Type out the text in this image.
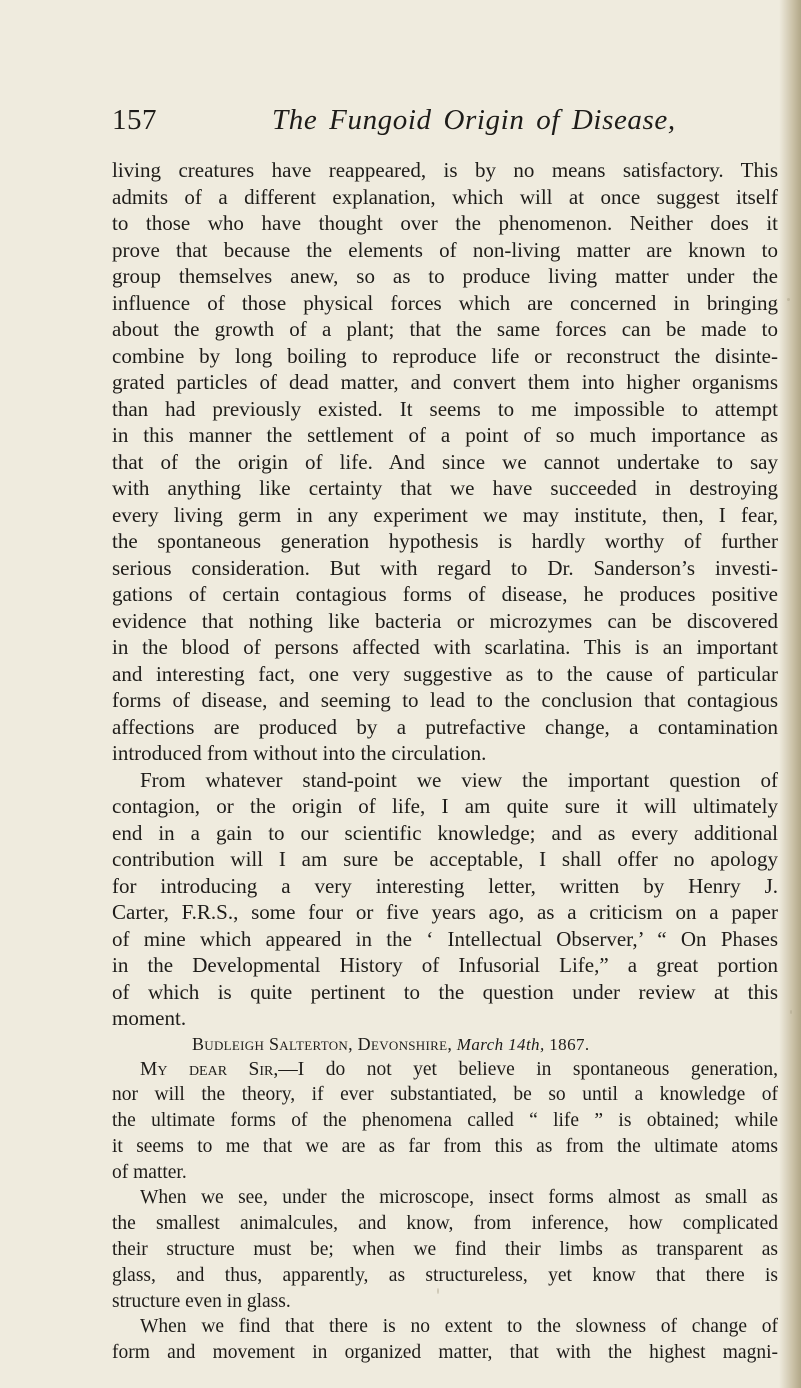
157	The Fungoid Origin of Disease,
living creatures have reappeared, is by no means satisfactory. This
admits of a different explanation, which will at once suggest itself
to those who have thought over the phenomenon. Neither does it
prove that because the elements of non-living matter are known to
group themselves anew, so as to produce living matter under the
influence of those physical forces which are concerned in bringing
about the growth of a plant; that the same forces can be made to
combine by long boiling to reproduce life or reconstruct the disinte-
grated particles of dead matter, and convert them into higher organisms
than had previously existed. It seems to me impossible to attempt
in this manner the settlement of a point of so much importance as
that of the origin of life. And since we cannot undertake to say
with anything like certainty that we have succeeded in destroying
every living germ in any experiment we may institute, then, I fear,
the spontaneous generation hypothesis is hardly worthy of further
serious consideration. But with regard to Dr. Sanderson’s investi-
gations of certain contagious forms of disease, he produces positive
evidence that nothing like bacteria or microzymes can be discovered
in the blood of persons affected with scarlatina. This is an important
and interesting fact, one very suggestive as to the cause of particular
forms of disease, and seeming to lead to the conclusion that contagious
affections are produced by a putrefactive change, a contamination
introduced from without into the circulation.
From whatever stand-point we view the important question of
contagion, or the origin of life, I am quite sure it will ultimately
end in a gain to our scientific knowledge; and as every additional
contribution will I am sure be acceptable, I shall offer no apology
for introducing a very interesting letter, written by Henry J.
Carter, F.R.S., some four or five years ago, as a criticism on a paper
of mine which appeared in the ‘ Intellectual Observer,’ “ On Phases
in the Developmental History of Infusorial Life,” a great portion
of which is quite pertinent to the question under review at this
moment.
Budleigh Salterton, Devonshire, March 14th, 1867.
My dear Sir,—I do not yet believe in spontaneous generation,
nor will the theory, if ever substantiated, be so until a knowledge of
the ultimate forms of the phenomena called “ life ” is obtained; while
it seems to me that we are as far from this as from the ultimate atoms
of matter.
When we see, under the microscope, insect forms almost as small as
the smallest animalcules, and know, from inference, how complicated
their structure must be; when we find their limbs as transparent as
glass, and thus, apparently, as structureless, yet know that there is
structure even in glass.
When we find that there is no extent to the slowness of change of
form and movement in organized matter, that with the highest magni-
